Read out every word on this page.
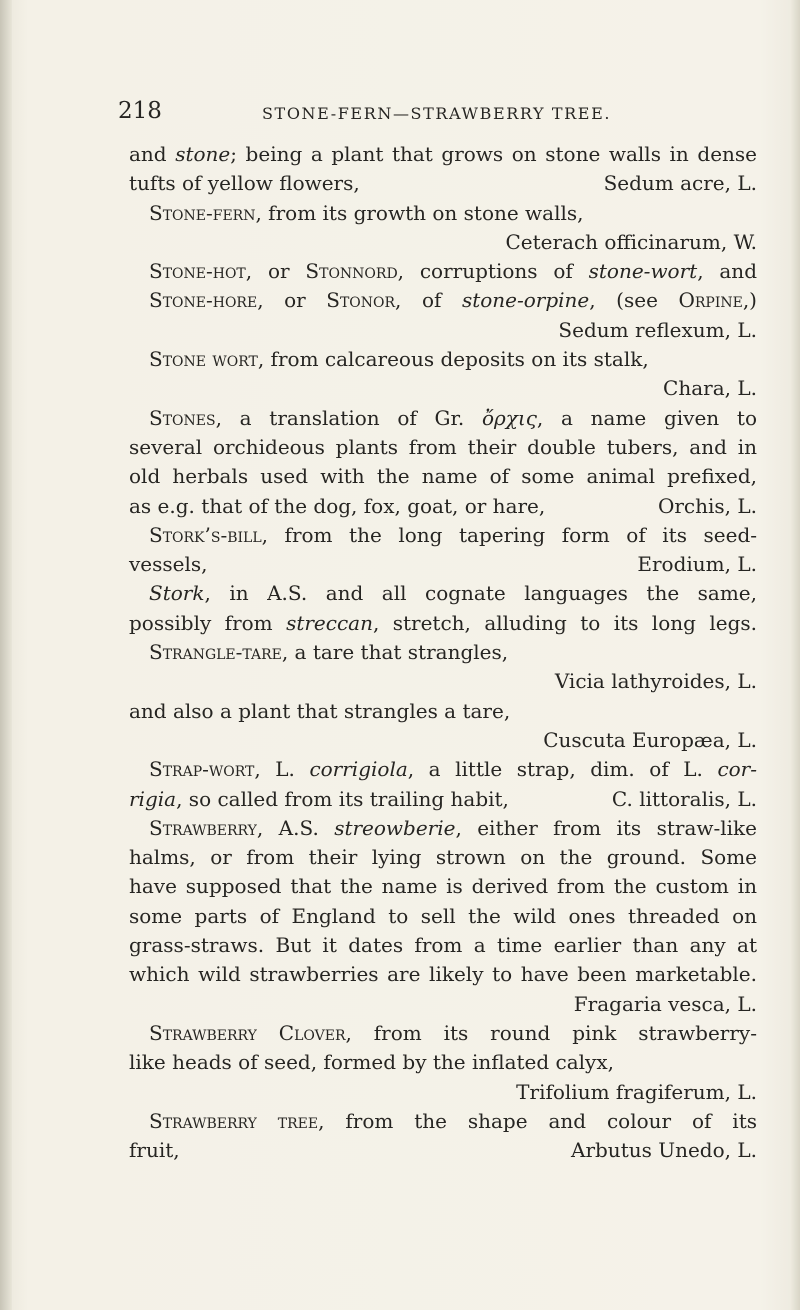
218	STONE-FERN—STRAWBERRY TREE.
and stone; being a plant that grows on stone walls in dense
tufts of yellow flowers,	Sedum acre, L.
Stone-fern, from its growth on stone walls,
Ceterach officinarum, W.
Stone-hot, or Stonnord, corruptions of stone-wort, and
Stone-hore, or Stonor, of stone-orpine, (see Orpine,)
Sedum reflexum, L.
Stone wort, from calcareous deposits on its stalk,
Chara, L.
Stones, a translation of Gr. ὄρχις, a name given to
several orchideous plants from their double tubers, and in
old herbals used with the name of some animal prefixed,
as e.g. that of the dog, fox, goat, or hare,	Orchis, L.
Stork’s-bill, from the long tapering form of its seed-
vessels,	Erodium, L.
Stork, in A.S. and all cognate languages the same,
possibly from streccan, stretch, alluding to its long legs.
Strangle-tare, a tare that strangles,
Vicia lathyroides, L.
and also a plant that strangles a tare,
Cuscuta Europæa, L.
Strap-wort, L. corrigiola, a little strap, dim. of L. cor-
rigia, so called from its trailing habit,	C. littoralis, L.
Strawberry, A.S. streowberie, either from its straw-like
halms, or from their lying strown on the ground. Some
have supposed that the name is derived from the custom in
some parts of England to sell the wild ones threaded on
grass-straws. But it dates from a time earlier than any at
which wild strawberries are likely to have been marketable.
Fragaria vesca, L.
Strawberry Clover, from its round pink strawberry-
like heads of seed, formed by the inflated calyx,
Trifolium fragiferum, L.
Strawberry tree, from the shape and colour of its
fruit,	Arbutus Unedo, L.
